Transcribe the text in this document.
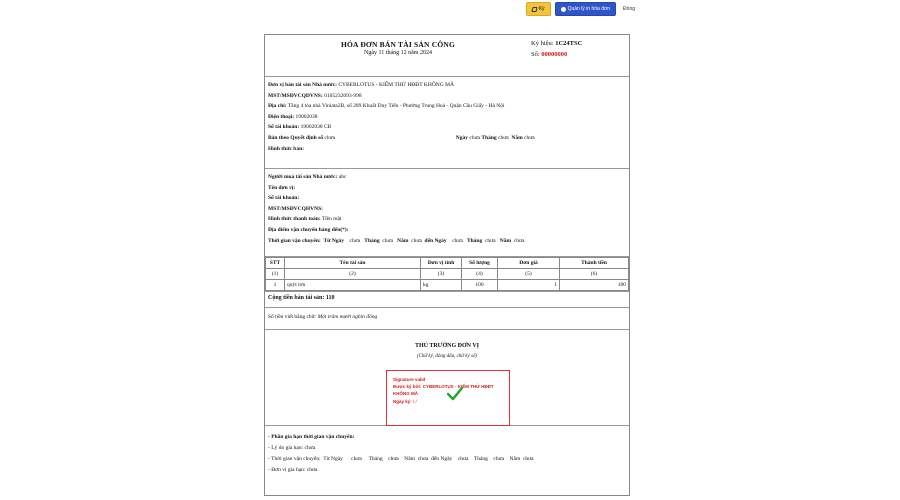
Ký	Quản lý in hóa đơn	Đóng
HÓA ĐƠN BÁN TÀI SẢN CÔNG
Ngày 11 tháng 12 năm 2024
Ký hiệu: 1C24TSC
Số: 00000000
Đơn vị bán tài sản Nhà nước: CYBERLOTUS - KIỂM THỬ HĐĐT KHÔNG MÃ
MST/MSĐVCQDVNS: 0105232093-998
Địa chỉ: Tầng 4 tòa nhà Viniata2B, số 289 Khuất Duy Tiến - Phường Trung Hoà - Quận Cầu Giấy - Hà Nội
Điện thoại: 19002038
Số tài khoản: 19002038 CB
Bán theo Quyết định số chưa	Ngày chưa Tháng chưa Năm chưa
Hình thức bán:
Người mua tài sản Nhà nước: abc
Tên đơn vị:
Số tài khoản:
MST/MSĐVCQHVNS:
Hình thức thanh toán: Tiền mặt
Địa điểm vận chuyển hàng đến(*):
Thời gian vận chuyển: Từ Ngày chưa Tháng chưa Năm chưa đến Ngày chưa Tháng chưa Năm chưa
STT	Tên tài sản	Đơn vị tính	Số lượng	Đơn giá	Thành tiền
(1)	(2)	(3)	(4)	(5)	(6)
1	quýt lơn	kg	100	1	100
Cộng tiền bán tài sản: 110
Số tiền viết bằng chữ: Một trăm mười nghìn đồng
THỦ TRƯỞNG ĐƠN VỊ
(Chữ ký, đóng dấu, chữ ký số)
Signature valid
Được ký bởi: CYBERLOTUS - KIỂM THỬ HĐĐT KHÔNG MÃ
Ngày ký: / /
- Phần gia hạn thời gian vận chuyển:
- Lý do gia hạn: chưa
- Thời gian vận chuyển: Từ Ngày chưa Tháng chưa Năm chưa đến Ngày chưa Tháng chưa Năm chưa
- Đơn vị gia hạn: chưa
